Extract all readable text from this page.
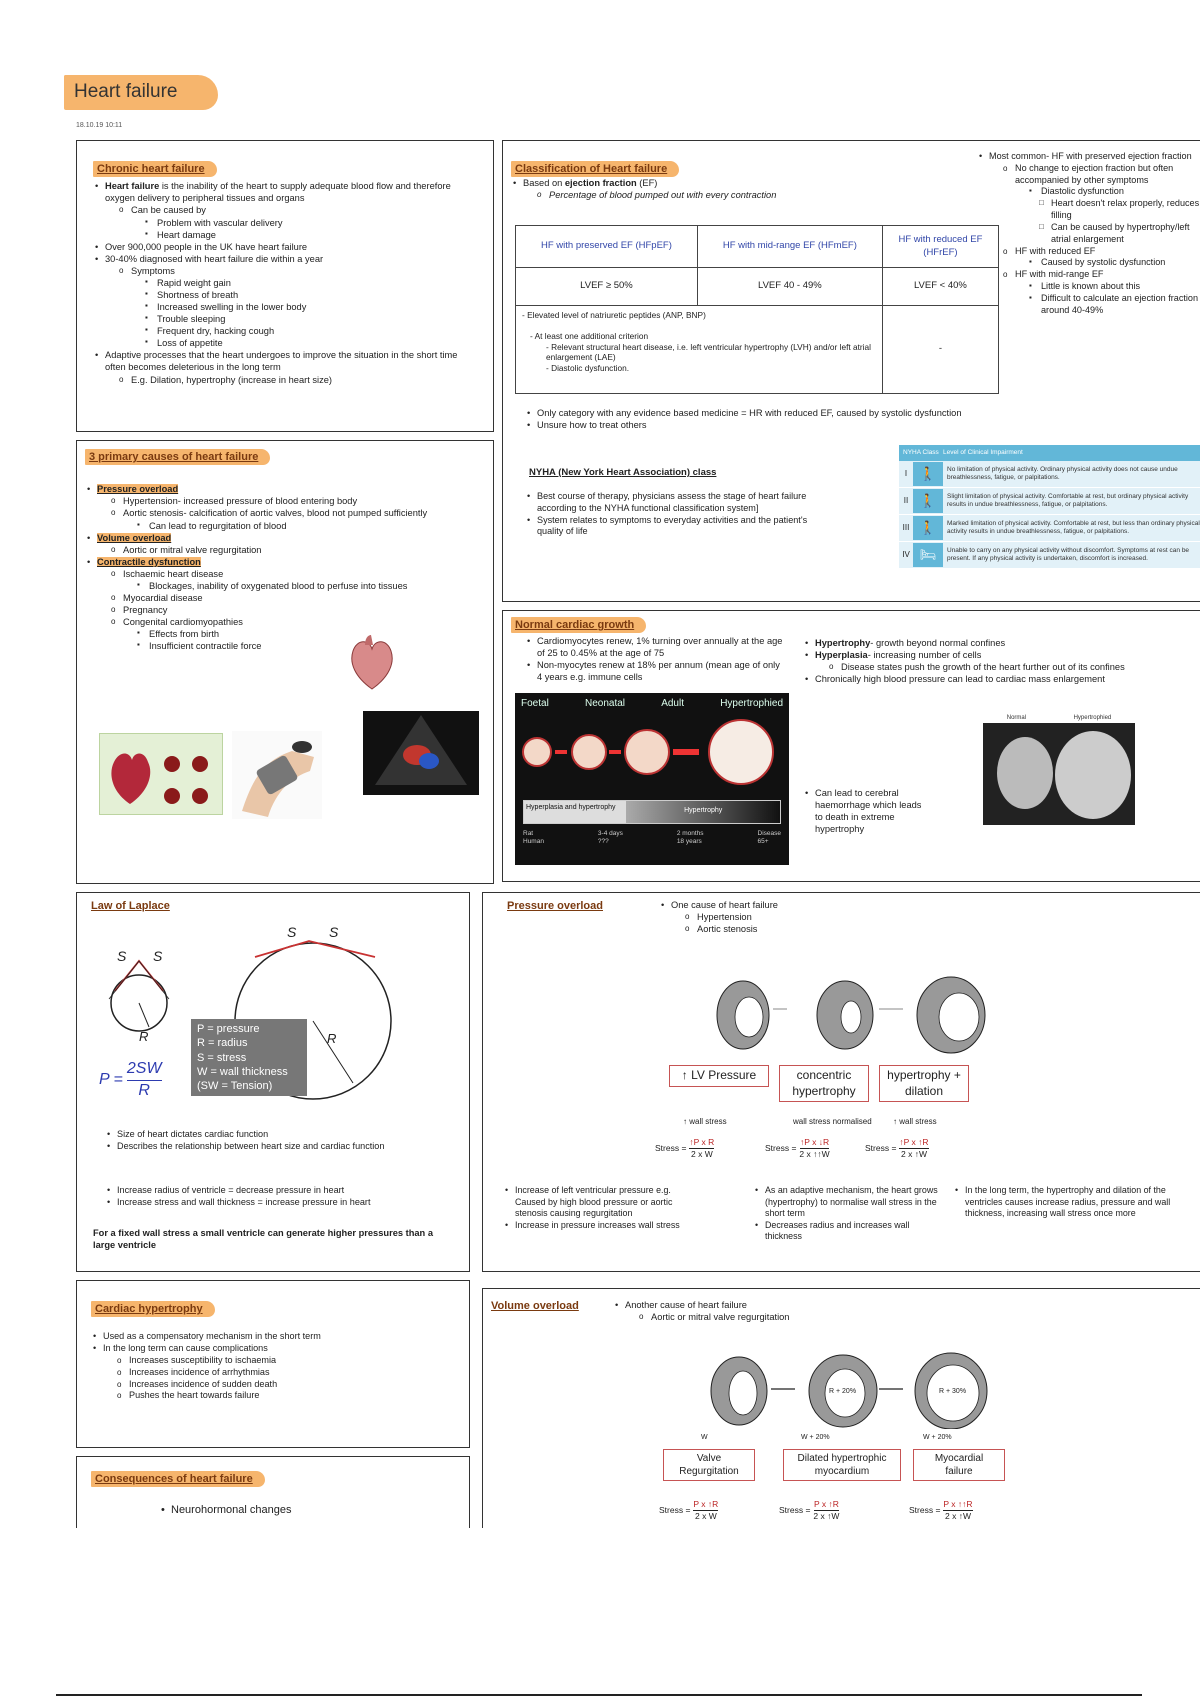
Heart failure
18.10.19 10:11
Chronic heart failure
• Heart failure is the inability of the heart to supply adequate blood flow and therefore oxygen delivery to peripheral tissues and organs
o Can be caused by
▪ Problem with vascular delivery
▪ Heart damage
• Over 900,000 people in the UK have heart failure
• 30-40% diagnosed with heart failure die within a year
o Symptoms
▪ Rapid weight gain
▪ Shortness of breath
▪ Increased swelling in the lower body
▪ Trouble sleeping
▪ Frequent dry, hacking cough
▪ Loss of appetite
• Adaptive processes that the heart undergoes to improve the situation in the short time often becomes deleterious in the long term
o E.g. Dilation, hypertrophy (increase in heart size)
3 primary causes of heart failure
• Pressure overload
o Hypertension- increased pressure of blood entering body
o Aortic stenosis- calcification of aortic valves, blood not pumped sufficiently
▪ Can lead to regurgitation of blood
• Volume overload
o Aortic or mitral valve regurgitation
• Contractile dysfunction
o Ischaemic heart disease
▪ Blockages, inability of oxygenated blood to perfuse into tissues
o Myocardial disease
o Pregnancy
o Congenital cardiomyopathies
▪ Effects from birth
▪ Insufficient contractile force
Classification of Heart failure
• Based on ejection fraction (EF)
o Percentage of blood pumped out with every contraction
HF with preserved EF (HFpEF)	HF with mid-range EF (HFmEF)	HF with reduced EF (HFrEF)
LVEF ≥ 50%	LVEF 40 - 49%	LVEF < 40%

- Elevated level of natriuretic peptides (ANP, BNP)
- At least one additional criterion
- Relevant structural heart disease, i.e. left ventricular hypertrophy (LVH) and/or left atrial enlargement (LAE)
- Diastolic dysfunction.		-
• Only category with any evidence based medicine = HR with reduced EF, caused by systolic dysfunction
• Unsure how to treat others
• Most common- HF with preserved ejection fraction
o No change to ejection fraction but often accompanied by other symptoms
▪ Diastolic dysfunction
□ Heart doesn't relax properly, reduces filling
□ Can be caused by hypertrophy/left atrial enlargement
o HF with reduced EF
▪ Caused by systolic dysfunction
o HF with mid-range EF
▪ Little is known about this
▪ Difficult to calculate an ejection fraction around 40-49%
NYHA (New York Heart Association) class
• Best course of therapy, physicians assess the stage of heart failure according to the NYHA functional classification system]
• System relates to symptoms to everyday activities and the patient's quality of life
NYHA Class Level of Clinical Impairment
I 🚶	No limitation of physical activity. Ordinary physical activity does not cause undue breathlessness, fatigue, or palpitations.
II 🚶	Slight limitation of physical activity. Comfortable at rest, but ordinary physical activity results in undue breathlessness, fatigue, or palpitations.
III 🚶	Marked limitation of physical activity. Comfortable at rest, but less than ordinary physical activity results in undue breathlessness, fatigue, or palpitations.
IV 🛏	Unable to carry on any physical activity without discomfort. Symptoms at rest can be present. If any physical activity is undertaken, discomfort is increased.
Normal cardiac growth
• Cardiomyocytes renew, 1% turning over annually at the age of 25 to 0.45% at the age of 75
• Non-myocytes renew at 18% per annum (mean age of only 4 years e.g. immune cells
Foetal	Neonatal	Adult	Hypertrophied
Hyperplasia and hypertrophy	Hypertrophy
Rat
Human
3-4 days
???
2 months
18 years
Disease
65+
• Hypertrophy- growth beyond normal confines
• Hyperplasia- increasing number of cells
o Disease states push the growth of the heart further out of its confines
• Chronically high blood pressure can lead to cardiac mass enlargement
• Can lead to cerebral haemorrhage which leads to death in extreme hypertrophy
Normal	Hypertrophied
Law of Laplace
S S
R
S S
R
P = pressure
R = radius
S = stress
W = wall thickness
(SW = Tension)
$P = \frac{2SW}{R}$
• Size of heart dictates cardiac function
• Describes the relationship between heart size and cardiac function
• Increase radius of ventricle = decrease pressure in heart
• Increase stress and wall thickness = increase pressure in heart
For a fixed wall stress a small ventricle can generate higher pressures than a large ventricle
Pressure overload	• One cause of heart failure
o Hypertension
o Aortic stenosis
↑ LV Pressure
↑ wall stress
concentric hypertrophy
wall stress normalised
hypertrophy + dilation
↑ wall stress
Stress = $\frac{\text{↑P x R}}{\text{2 x W}}$	Stress = $\frac{\text{↑P x ↓R}}{2 x ↑↑W}$	Stress = $\frac{\text{↑P x ↑R}}{2 x ↑W}$
• Increase of left ventricular pressure e.g. Caused by high blood pressure or aortic stenosis causing regurgitation
• Increase in pressure increases wall stress
• As an adaptive mechanism, the heart grows (hypertrophy) to normalise wall stress in the short term
• Decreases radius and increases wall thickness
• In the long term, the hypertrophy and dilation of the ventricles causes increase radius, pressure and wall thickness, increasing wall stress once more
Cardiac hypertrophy
• Used as a compensatory mechanism in the short term
• In the long term can cause complications
o Increases susceptibility to ischaemia
o Increases incidence of arrhythmias
o Increases incidence of sudden death
o Pushes the heart towards failure
Consequences of heart failure
• Neurohormonal changes
Volume overload	• Another cause of heart failure
o Aortic or mitral valve regurgitation
W	W + 20%	W + 20%
R + 20%	R + 30%
Valve Regurgitation
Dilated hypertrophic myocardium
Myocardial failure
Stress = $\frac{\text{P x ↑R}}{\text{2 x W}}$	Stress = $\frac{\text{P x ↑R}}{2 x ↑W}$	Stress = $\frac{\text{P x ↑↑R}}{2 x ↑W}$
